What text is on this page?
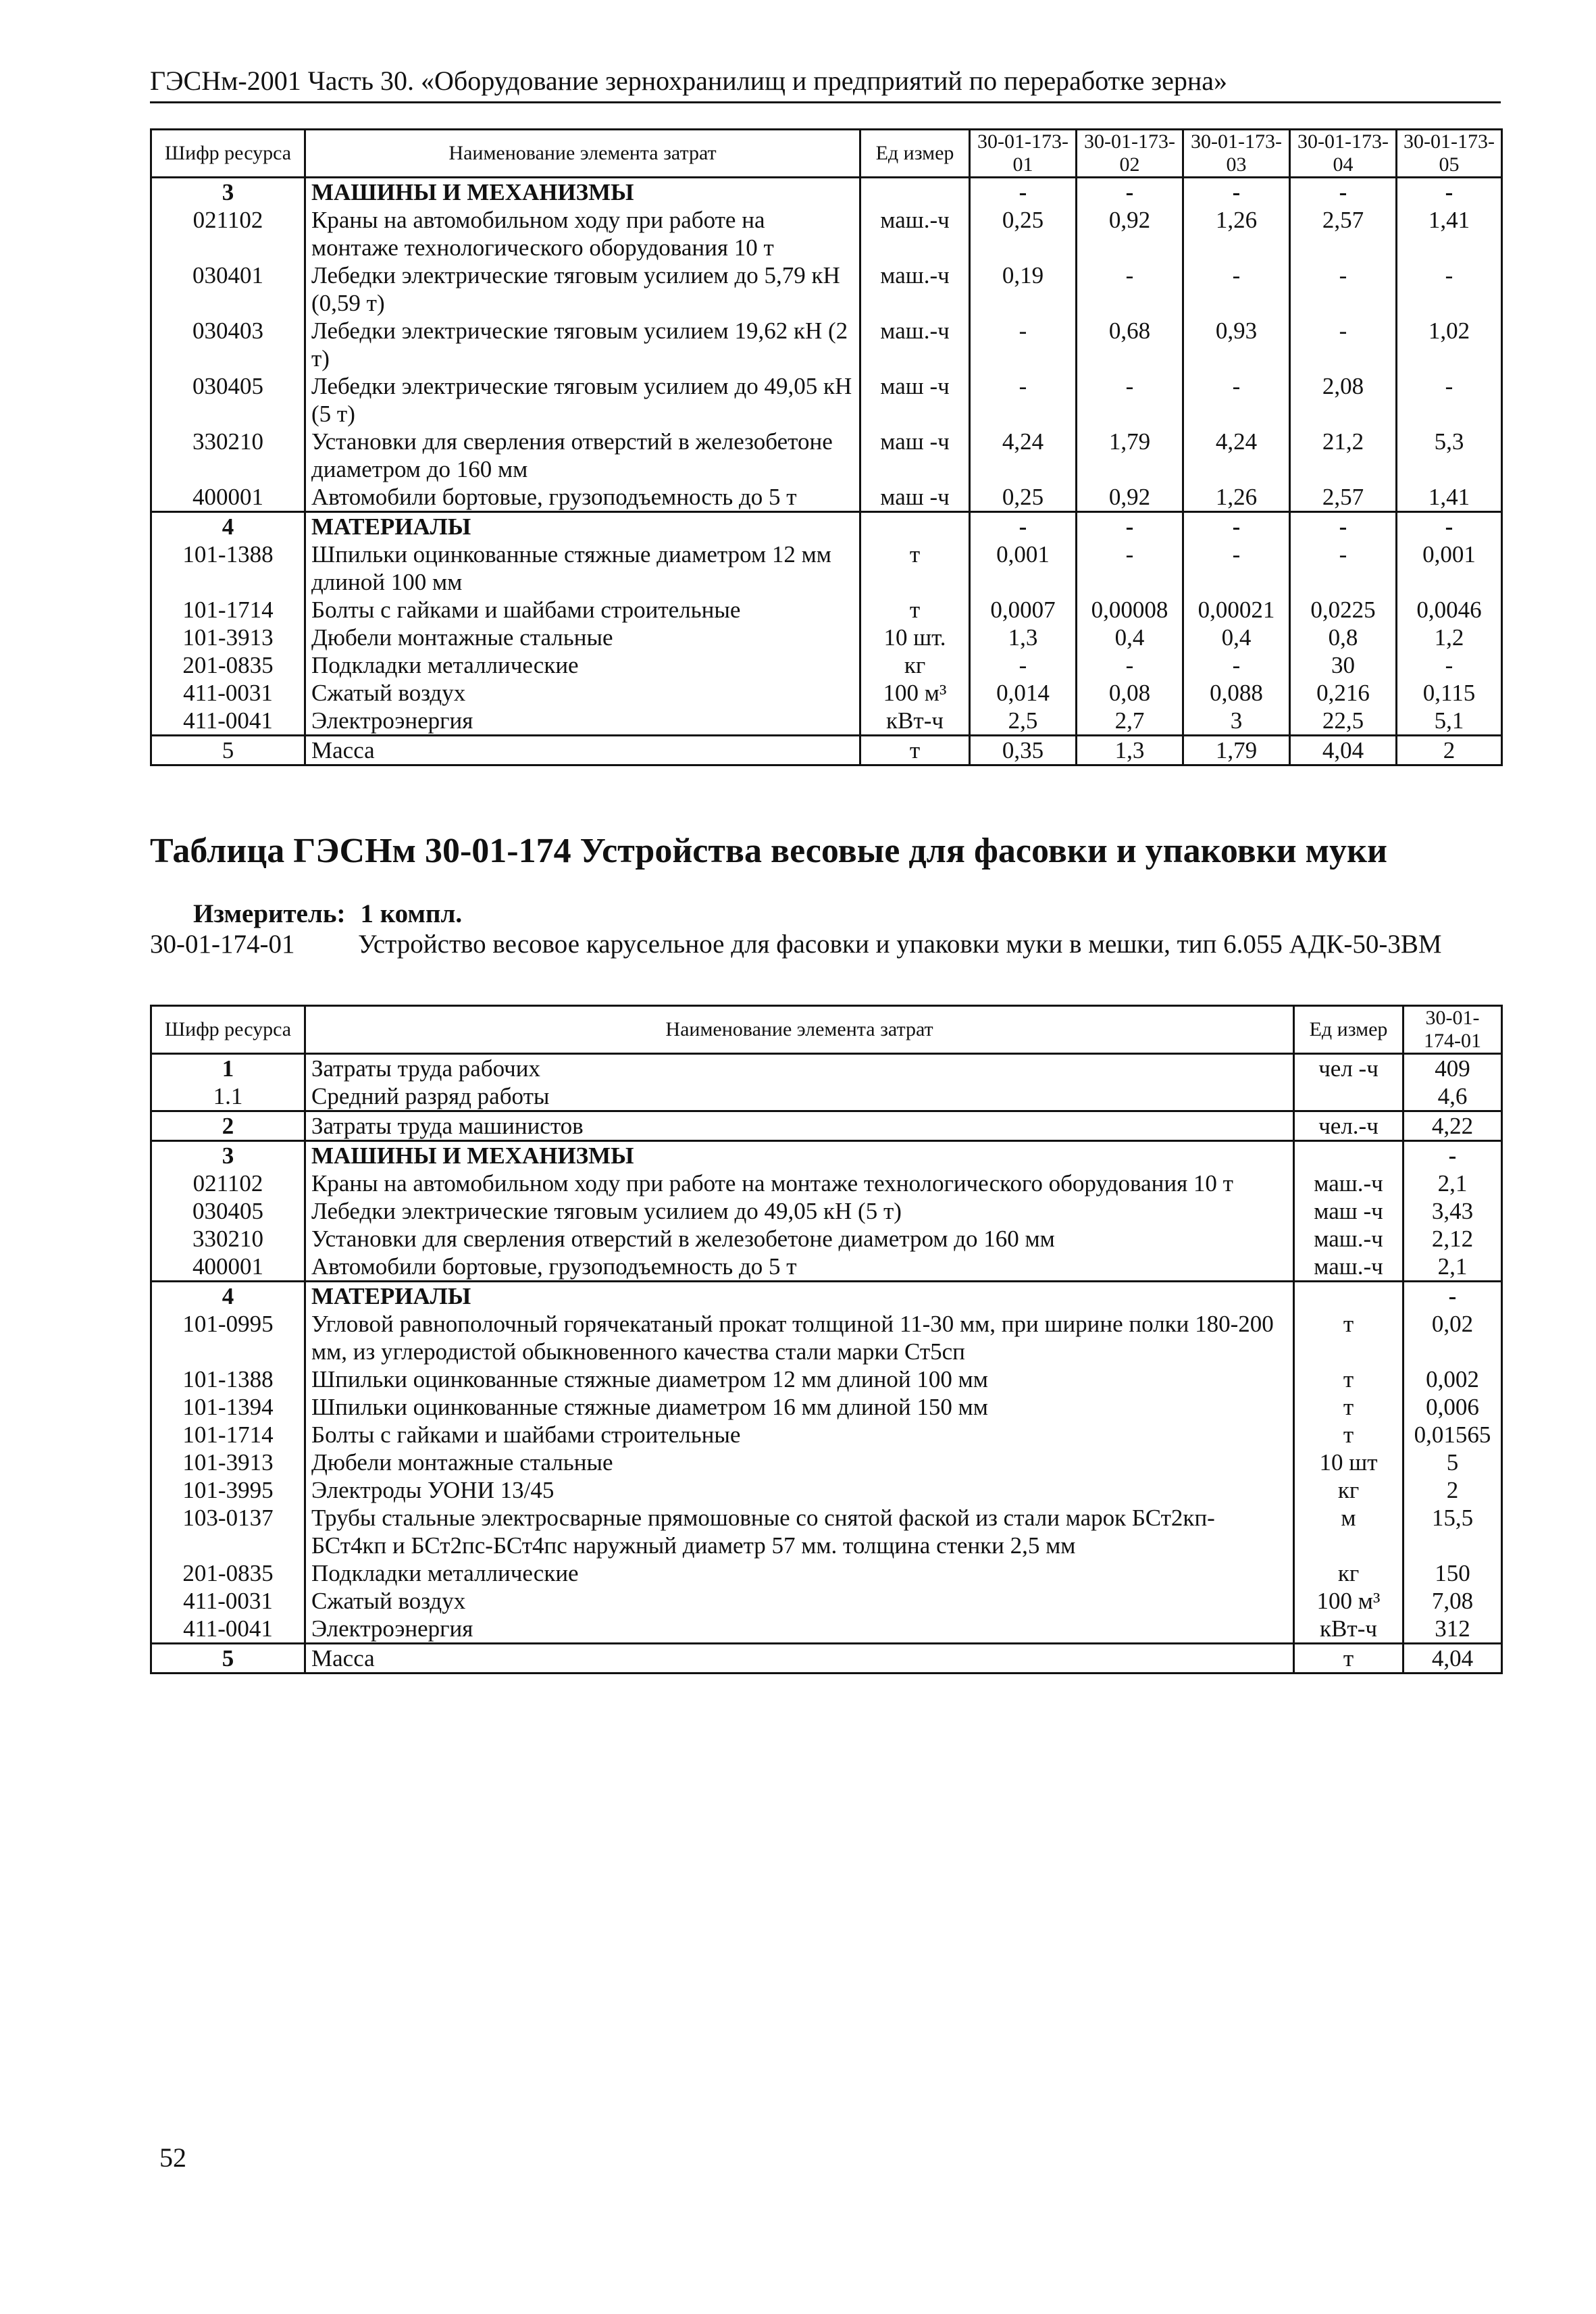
ГЭСНм-2001 Часть 30. «Оборудование зернохранилищ и предприятий по переработке зерна»
Шифр ресурса	Наименование элемента затрат	Ед измер	30-01-173-01	30-01-173-02	30-01-173-03	30-01-173-04	30-01-173-05
3	МАШИНЫ И МЕХАНИЗМЫ		-	-	-	-	-
021102	Краны на автомобильном ходу при работе на монтаже технологического оборудования 10 т	маш.-ч	0,25	0,92	1,26	2,57	1,41
030401	Лебедки электрические тяговым усилием до 5,79 кН (0,59 т)	маш.-ч	0,19	-	-	-	-
030403	Лебедки электрические тяговым усилием 19,62 кН (2 т)	маш.-ч	-	0,68	0,93	-	1,02
030405	Лебедки электрические тяговым усилием до 49,05 кН (5 т)	маш -ч	-	-	-	2,08	-
330210	Установки для сверления отверстий в железобетоне диаметром до 160 мм	маш -ч	4,24	1,79	4,24	21,2	5,3
400001	Автомобили бортовые, грузоподъемность до 5 т	маш -ч	0,25	0,92	1,26	2,57	1,41
4	МАТЕРИАЛЫ		-	-	-	-	-
101-1388	Шпильки оцинкованные стяжные диаметром 12 мм длиной 100 мм	т	0,001	-	-	-	0,001
101-1714	Болты с гайками и шайбами строительные	т	0,0007	0,00008	0,00021	0,0225	0,0046
101-3913	Дюбели монтажные стальные	10 шт.	1,3	0,4	0,4	0,8	1,2
201-0835	Подкладки металлические	кг	-	-	-	30	-
411-0031	Сжатый воздух	100 м³	0,014	0,08	0,088	0,216	0,115
411-0041	Электроэнергия	кВт-ч	2,5	2,7	3	22,5	5,1
5	Масса	т	0,35	1,3	1,79	4,04	2
Таблица ГЭСНм 30-01-174 Устройства весовые для фасовки и упаковки муки
Измеритель: 1 компл.
30-01-174-01 Устройство весовое карусельное для фасовки и упаковки муки в мешки, тип 6.055 АДК-50-3ВМ
Шифр ресурса	Наименование элемента затрат	Ед измер	30-01-174-01
1	Затраты труда рабочих	чел -ч	409
1.1	Средний разряд работы		4,6
2	Затраты труда машинистов	чел.-ч	4,22
3	МАШИНЫ И МЕХАНИЗМЫ		-
021102	Краны на автомобильном ходу при работе на монтаже технологического оборудования 10 т	маш.-ч	2,1
030405	Лебедки электрические тяговым усилием до 49,05 кН (5 т)	маш -ч	3,43
330210	Установки для сверления отверстий в железобетоне диаметром до 160 мм	маш.-ч	2,12
400001	Автомобили бортовые, грузоподъемность до 5 т	маш.-ч	2,1
4	МАТЕРИАЛЫ		-
101-0995	Угловой равнополочный горячекатаный прокат толщиной 11-30 мм, при ширине полки 180-200 мм, из углеродистой обыкновенного качества стали марки Ст5сп	т	0,02
101-1388	Шпильки оцинкованные стяжные диаметром 12 мм длиной 100 мм	т	0,002
101-1394	Шпильки оцинкованные стяжные диаметром 16 мм длиной 150 мм	т	0,006
101-1714	Болты с гайками и шайбами строительные	т	0,01565
101-3913	Дюбели монтажные стальные	10 шт	5
101-3995	Электроды УОНИ 13/45	кг	2
103-0137	Трубы стальные электросварные прямошовные со снятой фаской из стали марок БСт2кп-БСт4кп и БСт2пс-БСт4пс наружный диаметр 57 мм. толщина стенки 2,5 мм	м	15,5
201-0835	Подкладки металлические	кг	150
411-0031	Сжатый воздух	100 м³	7,08
411-0041	Электроэнергия	кВт-ч	312
5	Масса	т	4,04
52
